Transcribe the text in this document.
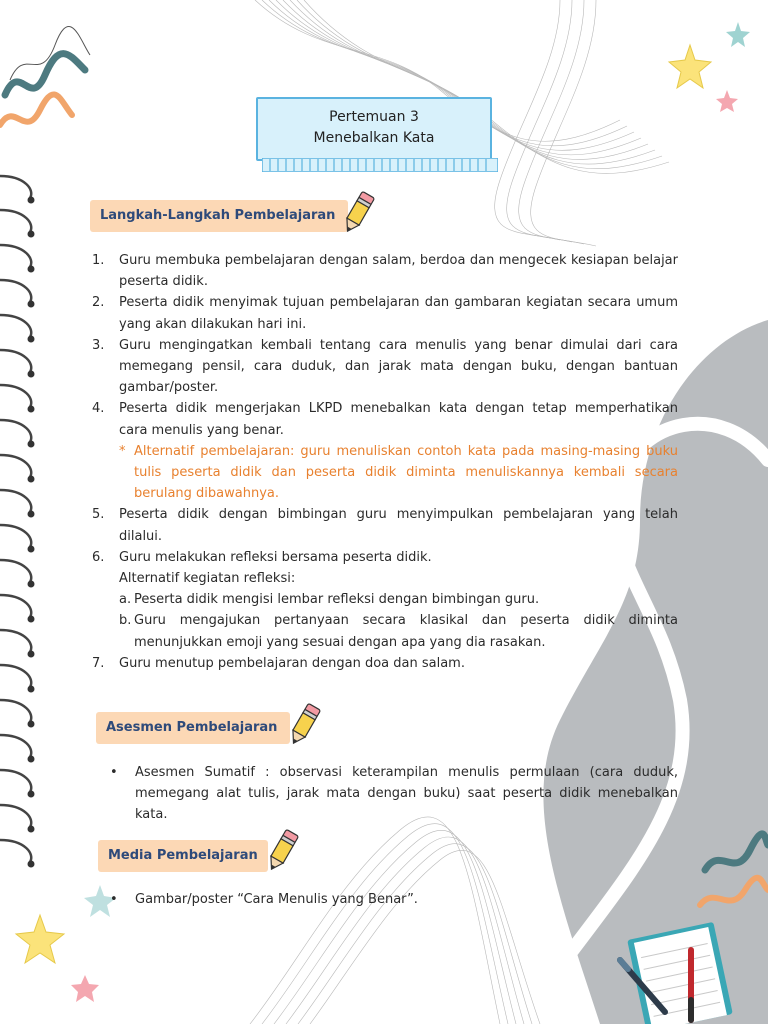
Pertemuan 3
Menebalkan Kata
Langkah-Langkah Pembelajaran
1.	Guru membuka pembelajaran dengan salam, berdoa dan mengecek kesiapan belajar peserta didik.
2.	Peserta didik menyimak tujuan pembelajaran dan gambaran kegiatan secara umum yang akan dilakukan hari ini.
3.	Guru mengingatkan kembali tentang cara menulis yang benar dimulai dari cara memegang pensil, cara duduk, dan jarak mata dengan buku, dengan bantuan gambar/poster.
4.	Peserta didik mengerjakan LKPD menebalkan kata dengan tetap memperhatikan cara menulis yang benar.
* Alternatif pembelajaran: guru menuliskan contoh kata pada masing-masing buku tulis peserta didik dan peserta didik diminta menuliskannya kembali secara berulang dibawahnya.
5.	Peserta didik dengan bimbingan guru menyimpulkan pembelajaran yang telah dilalui.
6.	Guru melakukan refleksi bersama peserta didik.
Alternatif kegiatan refleksi:
a. Peserta didik mengisi lembar refleksi dengan bimbingan guru.
b. Guru mengajukan pertanyaan secara klasikal dan peserta didik diminta menunjukkan emoji yang sesuai dengan apa yang dia rasakan.
7.	Guru menutup pembelajaran dengan doa dan salam.
Asesmen Pembelajaran
•	Asesmen Sumatif : observasi keterampilan menulis permulaan (cara duduk, memegang alat tulis, jarak mata dengan buku) saat peserta didik menebalkan kata.
Media Pembelajaran
•	Gambar/poster “Cara Menulis yang Benar”.
